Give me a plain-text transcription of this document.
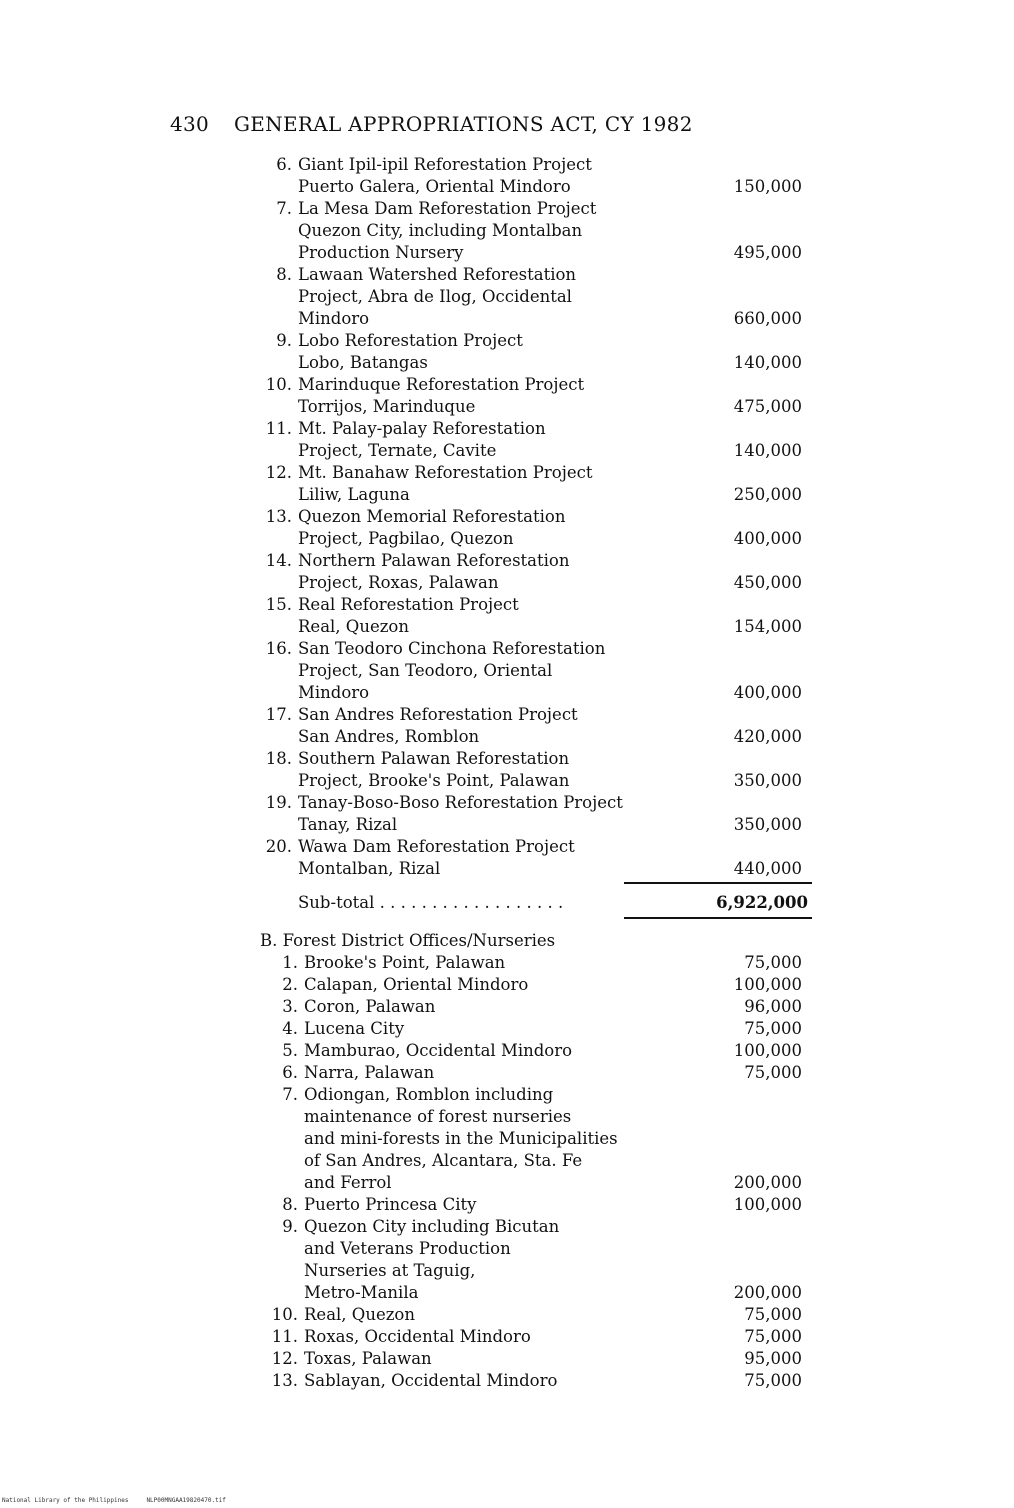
430 GENERAL APPROPRIATIONS ACT, CY 1982
6. Giant Ipil-ipil Reforestation Project
Puerto Galera, Oriental Mindoro	150,000
7. La Mesa Dam Reforestation Project
Quezon City, including Montalban
Production Nursery	495,000
8. Lawaan Watershed Reforestation
Project, Abra de Ilog, Occidental
Mindoro	660,000
9. Lobo Reforestation Project
Lobo, Batangas	140,000
10. Marinduque Reforestation Project
Torrijos, Marinduque	475,000
11. Mt. Palay-palay Reforestation
Project, Ternate, Cavite	140,000
12. Mt. Banahaw Reforestation Project
Liliw, Laguna	250,000
13. Quezon Memorial Reforestation
Project, Pagbilao, Quezon	400,000
14. Northern Palawan Reforestation
Project, Roxas, Palawan	450,000
15. Real Reforestation Project
Real, Quezon	154,000
16. San Teodoro Cinchona Reforestation
Project, San Teodoro, Oriental
Mindoro	400,000
17. San Andres Reforestation Project
San Andres, Romblon	420,000
18. Southern Palawan Reforestation
Project, Brooke's Point, Palawan	350,000
19. Tanay-Boso-Boso Reforestation Project
Tanay, Rizal	350,000
20. Wawa Dam Reforestation Project
Montalban, Rizal	440,000
Sub-total . . . . . . . . . . . . . . . . . .	6,922,000
B. Forest District Offices/Nurseries
1. Brooke's Point, Palawan	75,000
2. Calapan, Oriental Mindoro	100,000
3. Coron, Palawan	96,000
4. Lucena City	75,000
5. Mamburao, Occidental Mindoro	100,000
6. Narra, Palawan	75,000
7. Odiongan, Romblon including
maintenance of forest nurseries
and mini-forests in the Municipalities
of San Andres, Alcantara, Sta. Fe
and Ferrol	200,000
8. Puerto Princesa City	100,000
9. Quezon City including Bicutan
and Veterans Production
Nurseries at Taguig,
Metro-Manila	200,000
10. Real, Quezon	75,000
11. Roxas, Occidental Mindoro	75,000
12. Toxas, Palawan	95,000
13. Sablayan, Occidental Mindoro	75,000
National Library of the Philippines	NLP00MNGAA19820470.tif
